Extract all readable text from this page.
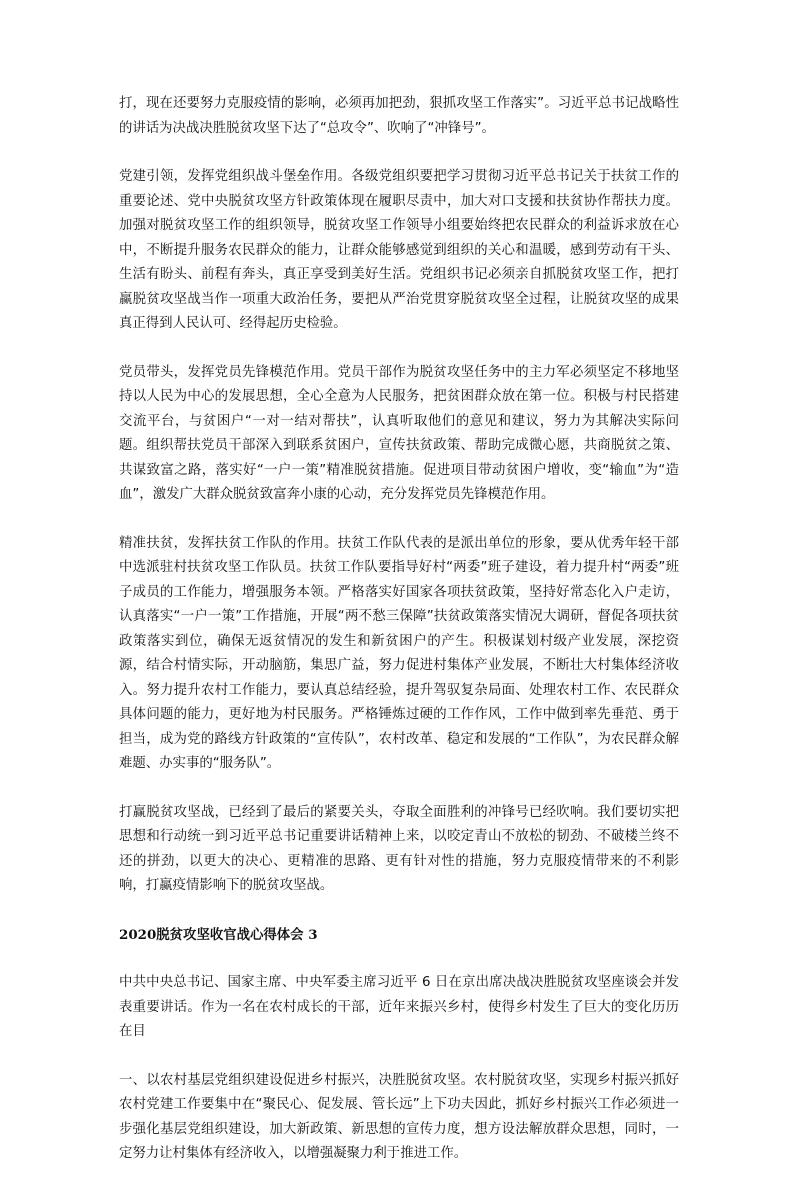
打，现在还要努力克服疫情的影响，必须再加把劲，狠抓攻坚工作落实”。习近平总书记战略性的讲话为决战决胜脱贫攻坚下达了“总攻令”、吹响了“冲锋号”。

党建引领，发挥党组织战斗堡垒作用。各级党组织要把学习贯彻习近平总书记关于扶贫工作的重要论述、党中央脱贫攻坚方针政策体现在履职尽责中，加大对口支援和扶贫协作帮扶力度。加强对脱贫攻坚工作的组织领导，脱贫攻坚工作领导小组要始终把农民群众的利益诉求放在心中，不断提升服务农民群众的能力，让群众能够感觉到组织的关心和温暖，感到劳动有干头、生活有盼头、前程有奔头，真正享受到美好生活。党组织书记必须亲自抓脱贫攻坚工作，把打赢脱贫攻坚战当作一项重大政治任务，要把从严治党贯穿脱贫攻坚全过程，让脱贫攻坚的成果真正得到人民认可、经得起历史检验。

党员带头，发挥党员先锋模范作用。党员干部作为脱贫攻坚任务中的主力军必须坚定不移地坚持以人民为中心的发展思想，全心全意为人民服务，把贫困群众放在第一位。积极与村民搭建交流平台，与贫困户“一对一结对帮扶”，认真听取他们的意见和建议，努力为其解决实际问题。组织帮扶党员干部深入到联系贫困户，宣传扶贫政策、帮助完成微心愿，共商脱贫之策、共谋致富之路，落实好“一户一策”精准脱贫措施。促进项目带动贫困户增收，变“输血”为“造血”，激发广大群众脱贫致富奔小康的心动，充分发挥党员先锋模范作用。

精准扶贫，发挥扶贫工作队的作用。扶贫工作队代表的是派出单位的形象，要从优秀年轻干部中选派驻村扶贫攻坚工作队员。扶贫工作队要指导好村“两委”班子建设，着力提升村“两委”班子成员的工作能力，增强服务本领。严格落实好国家各项扶贫政策，坚持好常态化入户走访，认真落实“一户一策”工作措施，开展“两不愁三保障”扶贫政策落实情况大调研，督促各项扶贫政策落实到位，确保无返贫情况的发生和新贫困户的产生。积极谋划村级产业发展，深挖资源，结合村情实际，开动脑筋，集思广益，努力促进村集体产业发展，不断壮大村集体经济收入。努力提升农村工作能力，要认真总结经验，提升驾驭复杂局面、处理农村工作、农民群众具体问题的能力，更好地为村民服务。严格锤炼过硬的工作作风，工作中做到率先垂范、勇于担当，成为党的路线方针政策的“宣传队”，农村改革、稳定和发展的“工作队”，为农民群众解难题、办实事的“服务队”。

打赢脱贫攻坚战，已经到了最后的紧要关头，夺取全面胜利的冲锋号已经吹响。我们要切实把思想和行动统一到习近平总书记重要讲话精神上来，以咬定青山不放松的韧劲、不破楼兰终不还的拼劲，以更大的决心、更精准的思路、更有针对性的措施，努力克服疫情带来的不利影响，打赢疫情影响下的脱贫攻坚战。

2020脱贫攻坚收官战心得体会 3

中共中央总书记、国家主席、中央军委主席习近平 6 日在京出席决战决胜脱贫攻坚座谈会并发表重要讲话。作为一名在农村成长的干部，近年来振兴乡村，使得乡村发生了巨大的变化历历在目

一、以农村基层党组织建设促进乡村振兴，决胜脱贫攻坚。农村脱贫攻坚，实现乡村振兴抓好农村党建工作要集中在“聚民心、促发展、管长远”上下功夫因此，抓好乡村振兴工作必须进一步强化基层党组织建设，加大新政策、新思想的宣传力度，想方设法解放群众思想，同时，一定努力让村集体有经济收入，以增强凝聚力利于推进工作。
